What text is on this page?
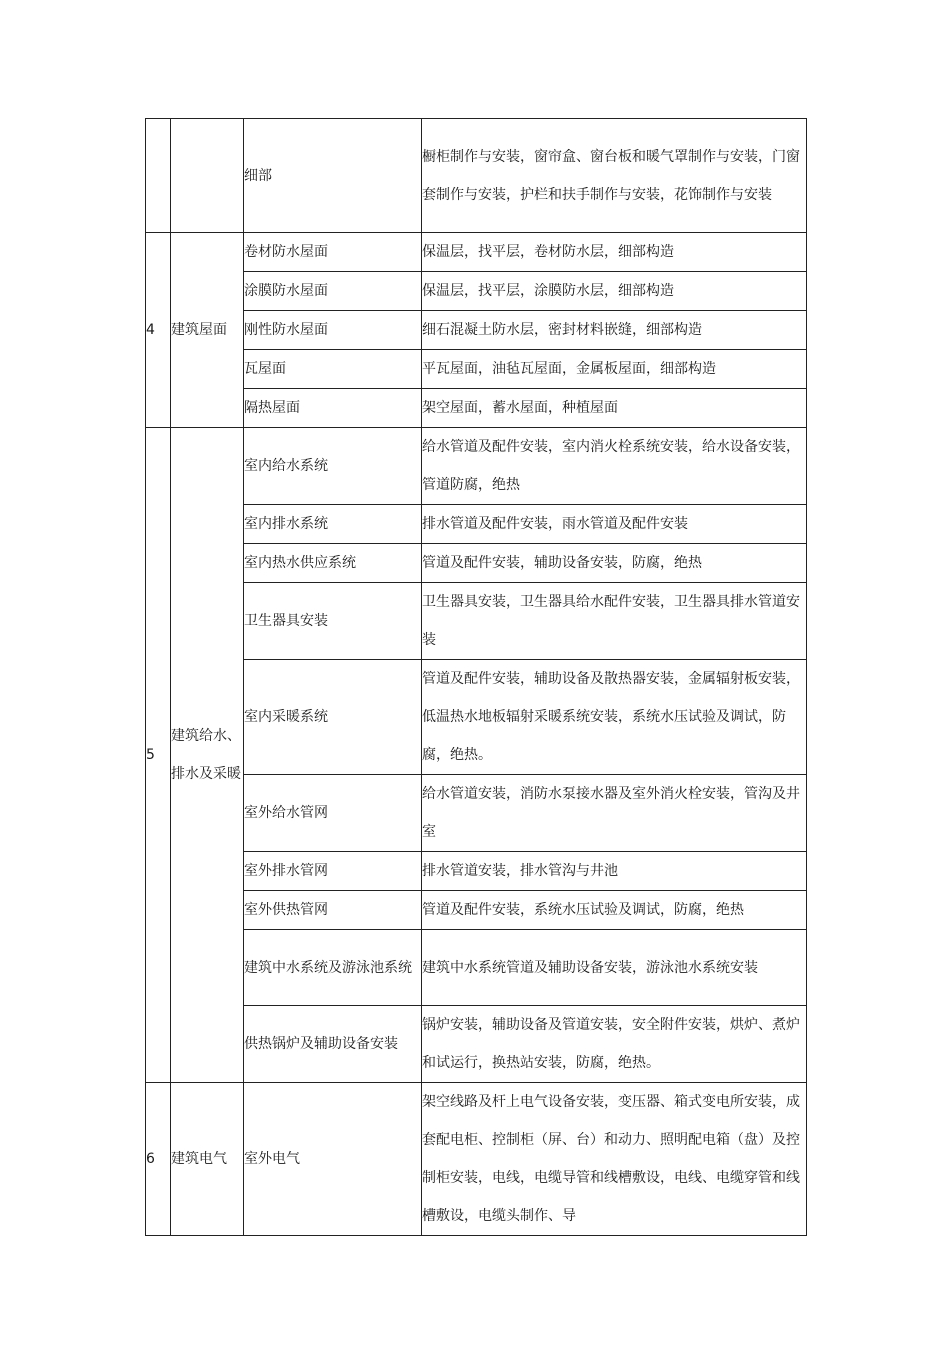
		细部	橱柜制作与安装，窗帘盒、窗台板和暖气罩制作与安装，门窗套制作与安装，护栏和扶手制作与安装，花饰制作与安装
4	建筑屋面	卷材防水屋面	保温层，找平层，卷材防水层，细部构造
		涂膜防水屋面	保温层，找平层，涂膜防水层，细部构造
		刚性防水屋面	细石混凝土防水层，密封材料嵌缝，细部构造
		瓦屋面	平瓦屋面，油毡瓦屋面，金属板屋面，细部构造
		隔热屋面	架空屋面，蓄水屋面，种植屋面
5	建筑给水、排水及采暖	室内给水系统	给水管道及配件安装，室内消火栓系统安装，给水设备安装，管道防腐，绝热
		室内排水系统	排水管道及配件安装，雨水管道及配件安装
		室内热水供应系统	管道及配件安装，辅助设备安装，防腐，绝热
		卫生器具安装	卫生器具安装，卫生器具给水配件安装，卫生器具排水管道安装
		室内采暖系统	管道及配件安装，辅助设备及散热器安装，金属辐射板安装，低温热水地板辐射采暖系统安装，系统水压试验及调试，防腐，绝热。
		室外给水管网	给水管道安装，消防水泵接水器及室外消火栓安装，管沟及井室
		室外排水管网	排水管道安装，排水管沟与井池
		室外供热管网	管道及配件安装，系统水压试验及调试，防腐，绝热
		建筑中水系统及游泳池系统	建筑中水系统管道及辅助设备安装，游泳池水系统安装
		供热锅炉及辅助设备安装	锅炉安装，辅助设备及管道安装，安全附件安装，烘炉、煮炉和试运行，换热站安装，防腐，绝热。
6	建筑电气	室外电气	架空线路及杆上电气设备安装，变压器、箱式变电所安装，成套配电柜、控制柜（屏、台）和动力、照明配电箱（盘）及控制柜安装，电线，电缆导管和线槽敷设，电线、电缆穿管和线槽敷设，电缆头制作、导
